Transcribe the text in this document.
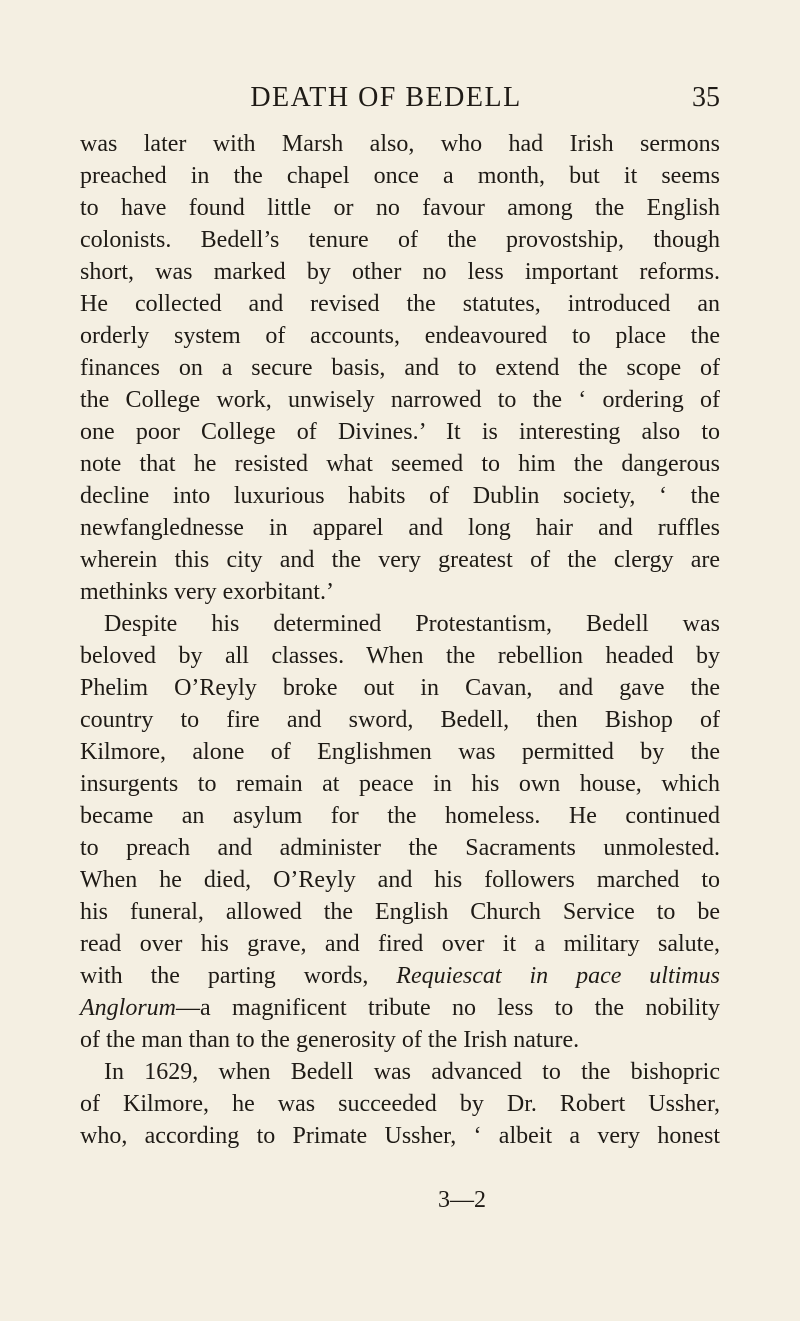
DEATH OF BEDELL	35
was later with Marsh also, who had Irish sermons
preached in the chapel once a month, but it seems
to have found little or no favour among the English
colonists. Bedell’s tenure of the provostship, though
short, was marked by other no less important reforms.
He collected and revised the statutes, introduced an
orderly system of accounts, endeavoured to place the
finances on a secure basis, and to extend the scope of
the College work, unwisely narrowed to the ‘ ordering of
one poor College of Divines.’ It is interesting also to
note that he resisted what seemed to him the dangerous
decline into luxurious habits of Dublin society, ‘ the
newfanglednesse in apparel and long hair and ruffles
wherein this city and the very greatest of the clergy are
methinks very exorbitant.’
Despite his determined Protestantism, Bedell was
beloved by all classes. When the rebellion headed by
Phelim O’Reyly broke out in Cavan, and gave the
country to fire and sword, Bedell, then Bishop of
Kilmore, alone of Englishmen was permitted by the
insurgents to remain at peace in his own house, which
became an asylum for the homeless. He continued
to preach and administer the Sacraments unmolested.
When he died, O’Reyly and his followers marched to
his funeral, allowed the English Church Service to be
read over his grave, and fired over it a military salute,
with the parting words, Requiescat in pace ultimus
Anglorum—a magnificent tribute no less to the nobility
of the man than to the generosity of the Irish nature.
In 1629, when Bedell was advanced to the bishopric
of Kilmore, he was succeeded by Dr. Robert Ussher,
who, according to Primate Ussher, ‘ albeit a very honest
3—2
